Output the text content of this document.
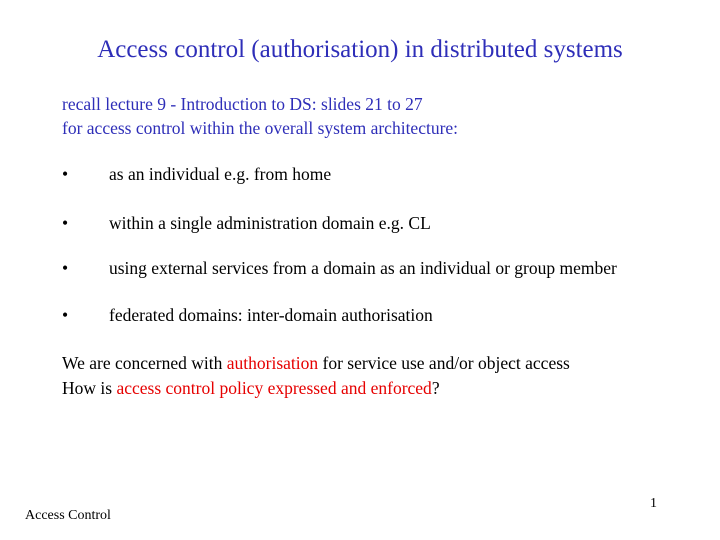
Access control (authorisation) in distributed systems
recall lecture 9 - Introduction to DS: slides 21 to 27
for access control within the overall system architecture:
•	as an individual e.g. from home
•	within a single administration domain e.g. CL
•	using external services from a domain as an individual or group member
•	federated domains: inter-domain authorisation
We are concerned with authorisation for service use and/or object access
How is access control policy expressed and enforced?
1
Access Control
